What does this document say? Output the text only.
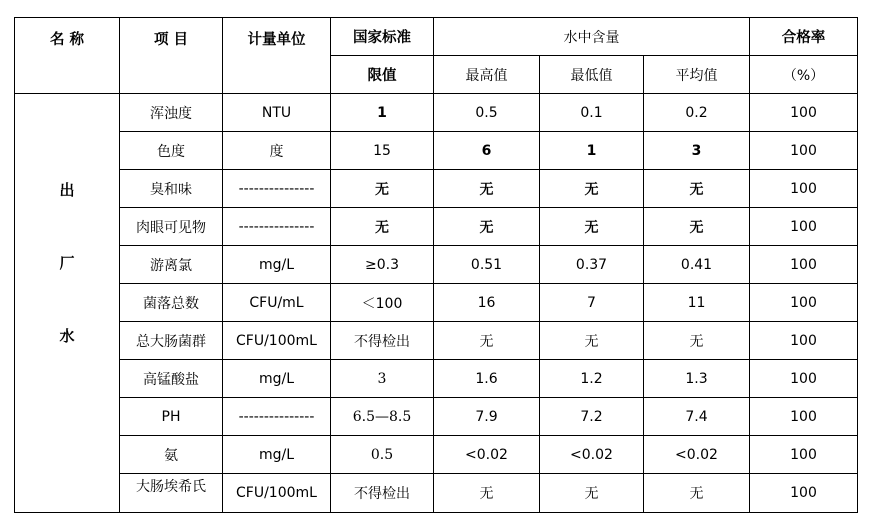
名 称	项 目	计量单位	国家标准	水中含量			合格率
			限值	最高值	最低值	平均值	（%）

出
厂
水	浑浊度	NTU	1	0.5	0.1	0.2	100
	色度	度	15	6	1	3	100
	臭和味	---------------	无	无	无	无	100
	肉眼可见物	---------------	无	无	无	无	100
	游离氯	mg/L	≥0.3	0.51	0.37	0.41	100
	菌落总数	CFU/mL	＜100	16	7	11	100
	总大肠菌群	CFU/100mL	不得检出	无	无	无	100
	高锰酸盐	mg/L	3	1.6	1.2	1.3	100
	PH	---------------	6.5—8.5	7.9	7.2	7.4	100
	氨	mg/L	0.5	<0.02	<0.02	<0.02	100
	大肠埃希氏	CFU/100mL	不得检出	无	无	无	100
